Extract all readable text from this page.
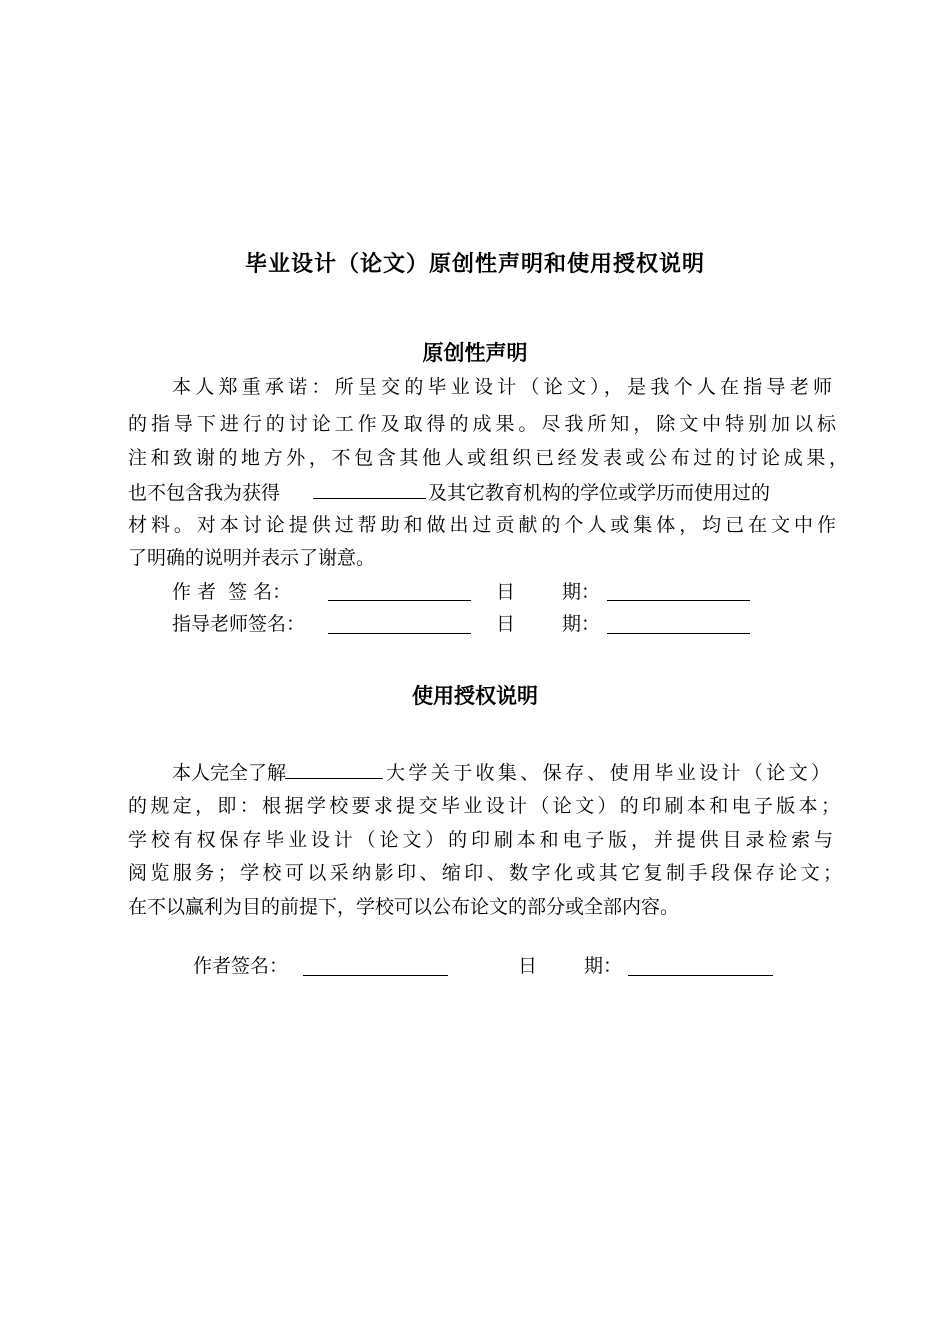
毕业设计（论文）原创性声明和使用授权说明
原创性声明
本人郑重承诺：所呈交的毕业设计（论文），是我个人在指导老师
的指导下进行的讨论工作及取得的成果。尽我所知，除文中特别加以标
注和致谢的地方外，不包含其他人或组织已经发表或公布过的讨论成果，
也不包含我为获得	及其它教育机构的学位或学历而使用过的
材料。对本讨论提供过帮助和做出过贡献的个人或集体，均已在文中作
了明确的说明并表示了谢意。
作 者  签 名：	日 期：
指导老师签名：	日 期：
使用授权说明
本人完全了解	大学关于收集、保存、使用毕业设计（论文）
的规定，即：根据学校要求提交毕业设计（论文）的印刷本和电子版本；
学校有权保存毕业设计（论文）的印刷本和电子版，并提供目录检索与
阅览服务；学校可以采纳影印、缩印、数字化或其它复制手段保存论文；
在不以赢利为目的前提下，学校可以公布论文的部分或全部内容。
作者签名：	日 期：
